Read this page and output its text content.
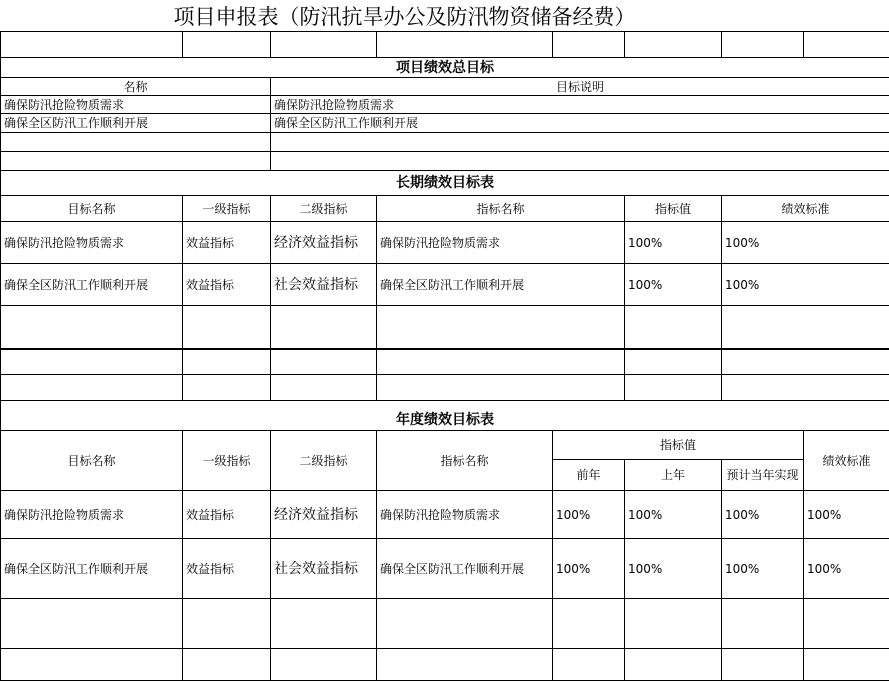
项目申报表（防汛抗旱办公及防汛物资储备经费）

项目绩效总目标							
名称		目标说明					
确保防汛抢险物质需求		确保防汛抢险物质需求					
确保全区防汛工作顺利开展		确保全区防汛工作顺利开展					

长期绩效目标表							
目标名称	一级指标	二级指标	指标名称		指标值	绩效标准	
确保防汛抢险物质需求	效益指标	经济效益指标	确保防汛抢险物质需求		100%	100%	
确保全区防汛工作顺利开展	效益指标	社会效益指标	确保全区防汛工作顺利开展		100%	100%	

年度绩效目标表							
目标名称	一级指标	二级指标	指标名称	指标值			绩效标准
				前年	上年	预计当年实现	
确保防汛抢险物质需求	效益指标	经济效益指标	确保防汛抢险物质需求	100%	100%	100%	100%
确保全区防汛工作顺利开展	效益指标	社会效益指标	确保全区防汛工作顺利开展	100%	100%	100%	100%
